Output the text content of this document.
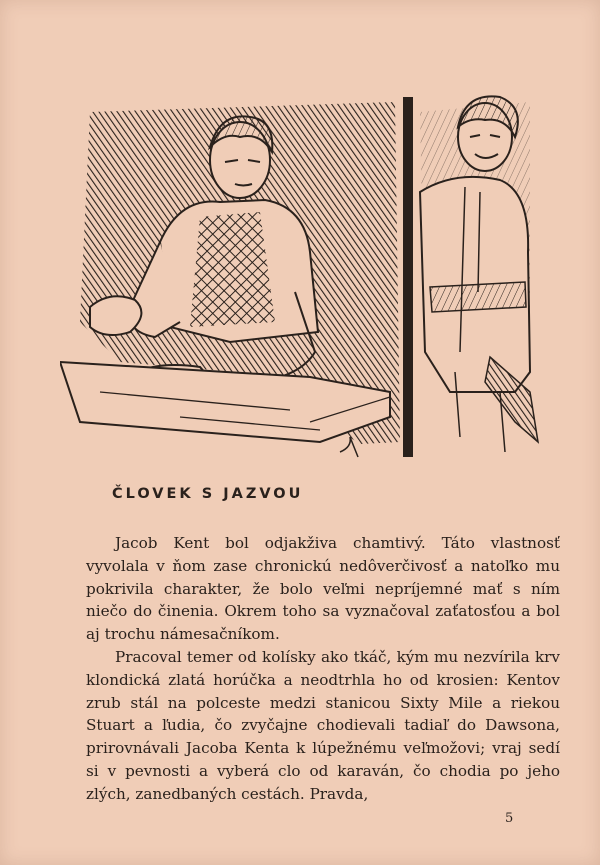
ČLOVEK S JAZVOU

Jacob Kent bol odjakživa chamtivý. Táto vlastnosť vyvolala v ňom zase chronickú nedôverčivosť a natoľko mu pokrivila charakter, že bolo veľmi nepríjemné mať s ním niečo do činenia. Okrem toho sa vyznačoval zaťatosťou a bol aj trochu námesačníkom.

Pracoval temer od kolísky ako tkáč, kým mu nezvírila krv klondická zlatá horúčka a neodtrhla ho od krosien: Kentov zrub stál na polceste medzi stanicou Sixty Mile a riekou Stuart a ľudia, čo zvyčajne chodievali tadiaľ do Dawsona, prirovnávali Jacoba Kenta k lúpežnému veľmožovi; vraj sedí si v pevnosti a vyberá clo od karaván, čo chodia po jeho zlých, zanedbaných cestách. Pravda,

5
